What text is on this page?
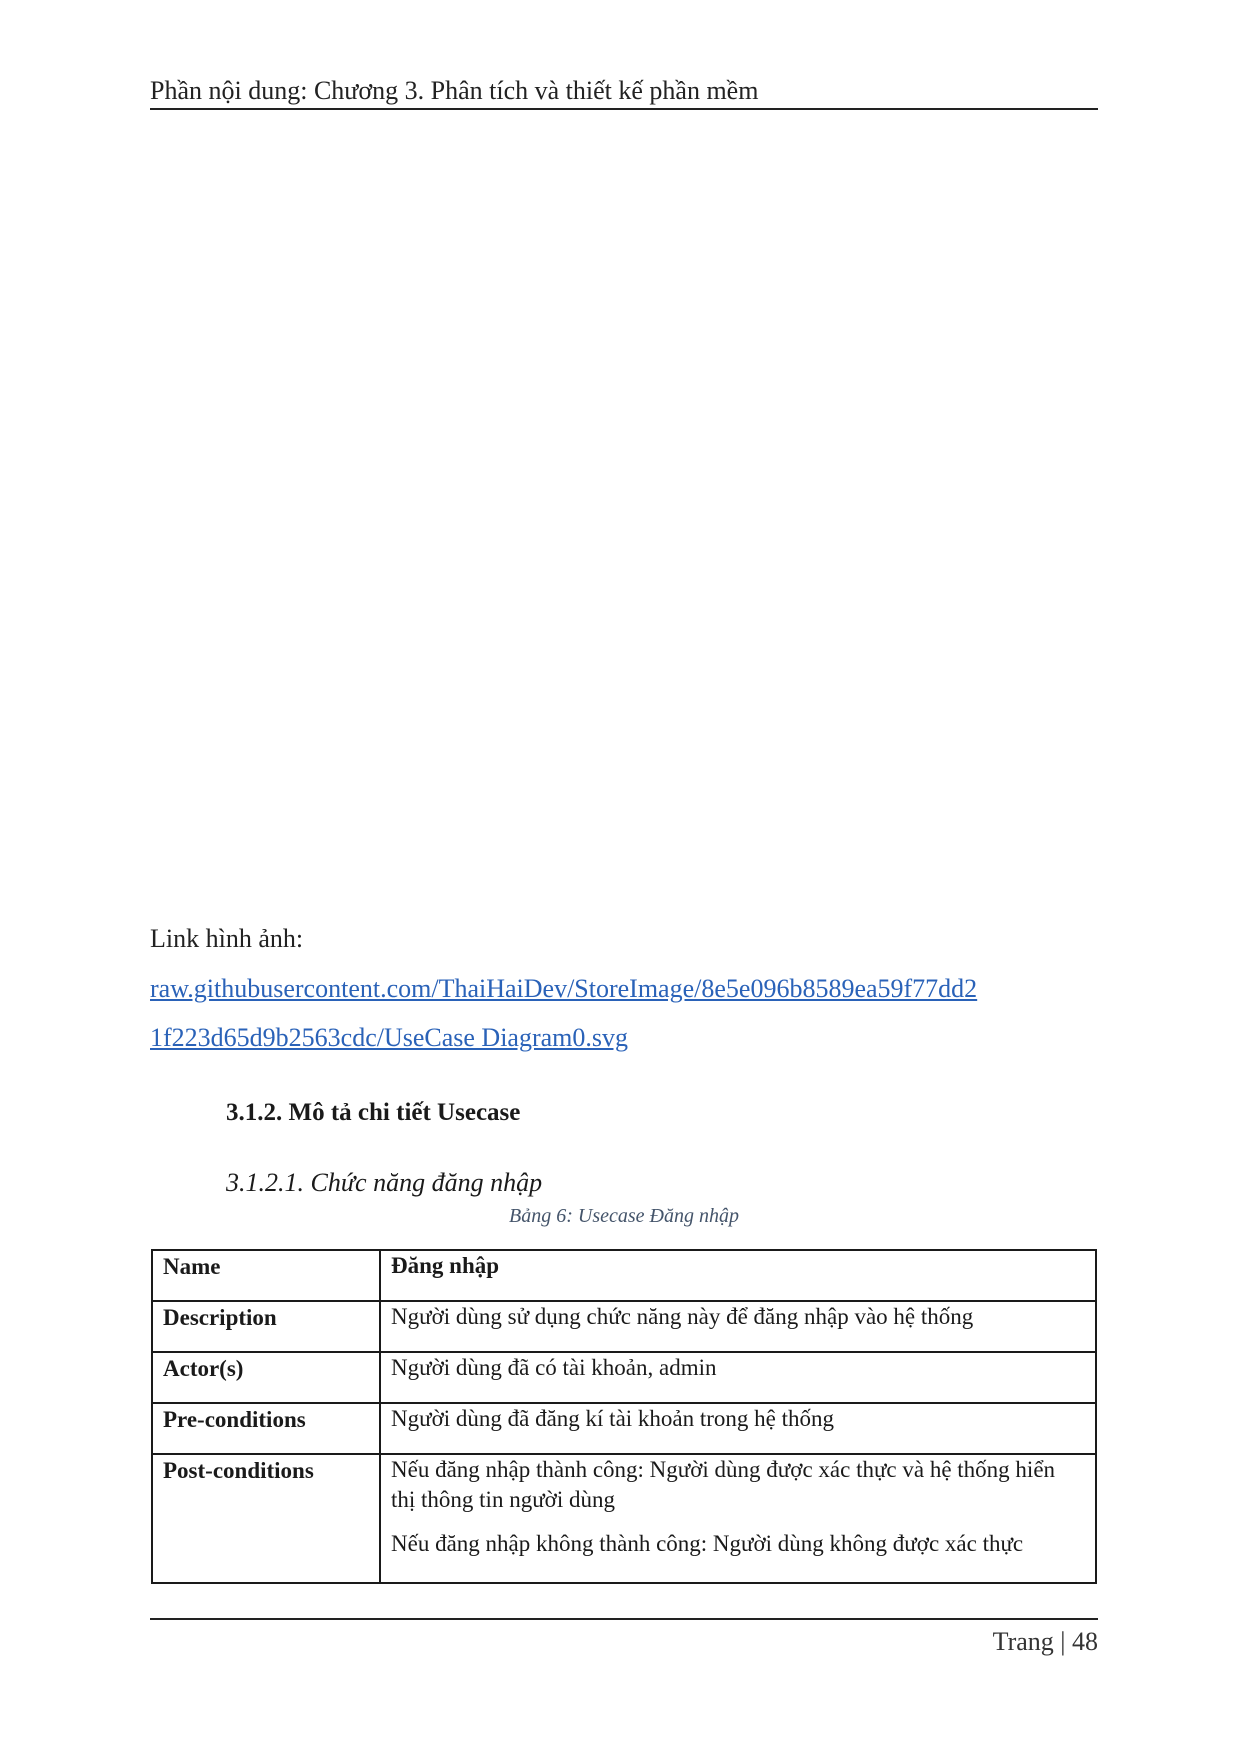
Phần nội dung: Chương 3. Phân tích và thiết kế phần mềm
Link hình ảnh:
raw.githubusercontent.com/ThaiHaiDev/StoreImage/8e5e096b8589ea59f77dd2
1f223d65d9b2563cdc/UseCase Diagram0.svg
3.1.2. Mô tả chi tiết Usecase
3.1.2.1. Chức năng đăng nhập
Bảng 6: Usecase Đăng nhập
Name	Đăng nhập

Description	Người dùng sử dụng chức năng này để đăng nhập vào hệ thống

Actor(s)	Người dùng đã có tài khoản, admin

Pre-conditions	Người dùng đã đăng kí tài khoản trong hệ thống

Post-conditions	Nếu đăng nhập thành công: Người dùng được xác thực và hệ thống hiển thị thông tin người dùng

Nếu đăng nhập không thành công: Người dùng không được xác thực

Trang | 48
